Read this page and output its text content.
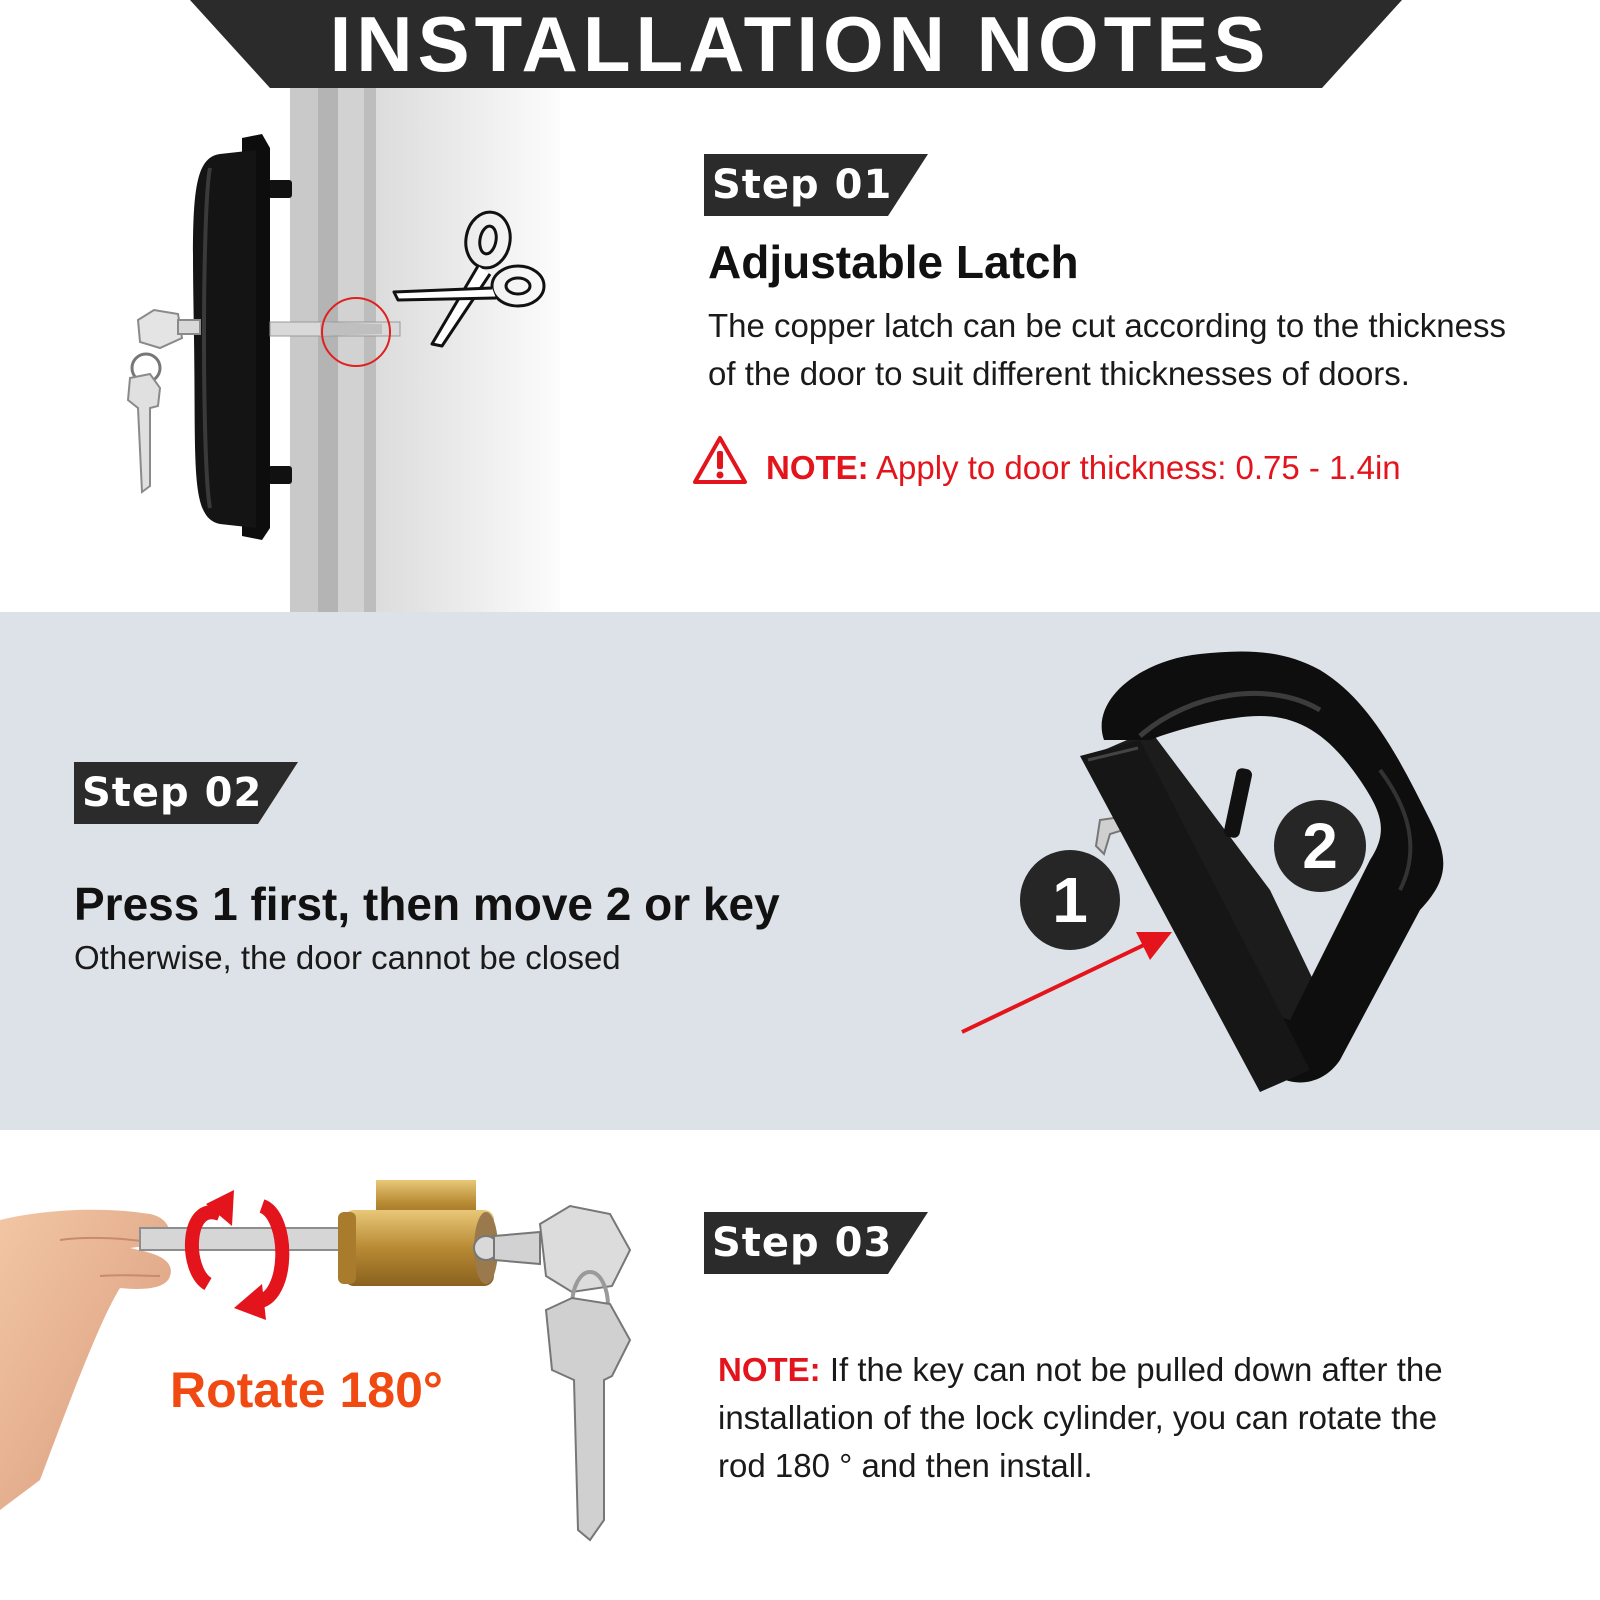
INSTALLATION NOTES
Step 01
Adjustable Latch
The copper latch can be cut according to the thickness
of the door to suit different thicknesses of doors.
NOTE: Apply to door thickness: 0.75 - 1.4in
Step 02
Press 1 first, then move 2 or key
Otherwise, the door cannot be closed
1
2
Rotate 180°
Step 03
NOTE: If the key can not be pulled down after the
installation of the lock cylinder, you can rotate the
rod 180 ° and then install.
